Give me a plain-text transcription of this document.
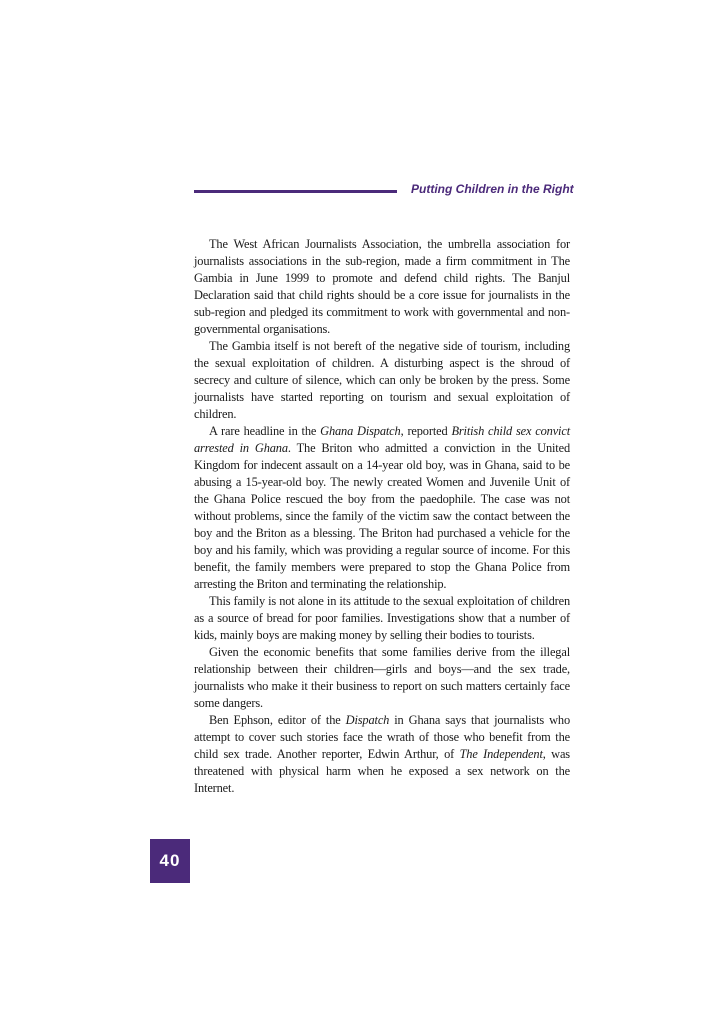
Putting Children in the Right

The West African Journalists Association, the umbrella association for journalists associations in the sub-region, made a firm commitment in The Gambia in June 1999 to promote and defend child rights. The Banjul Declaration said that child rights should be a core issue for journalists in the sub-region and pledged its commitment to work with governmental and non-governmental organisations.

The Gambia itself is not bereft of the negative side of tourism, including the sexual exploitation of children. A disturbing aspect is the shroud of secrecy and culture of silence, which can only be broken by the press. Some journalists have started reporting on tourism and sexual exploitation of children.

A rare headline in the Ghana Dispatch, reported British child sex convict arrested in Ghana. The Briton who admitted a conviction in the United Kingdom for indecent assault on a 14-year old boy, was in Ghana, said to be abusing a 15-year-old boy. The newly created Women and Juvenile Unit of the Ghana Police rescued the boy from the paedophile. The case was not without problems, since the family of the victim saw the contact between the boy and the Briton as a blessing. The Briton had purchased a vehicle for the boy and his family, which was providing a regular source of income. For this benefit, the family members were prepared to stop the Ghana Police from arresting the Briton and terminating the relationship.

This family is not alone in its attitude to the sexual exploitation of children as a source of bread for poor families. Investigations show that a number of kids, mainly boys are making money by selling their bodies to tourists.

Given the economic benefits that some families derive from the illegal relationship between their children—girls and boys—and the sex trade, journalists who make it their business to report on such matters certainly face some dangers.

Ben Ephson, editor of the Dispatch in Ghana says that journalists who attempt to cover such stories face the wrath of those who benefit from the child sex trade. Another reporter, Edwin Arthur, of The Independent, was threatened with physical harm when he exposed a sex network on the Internet.

40
